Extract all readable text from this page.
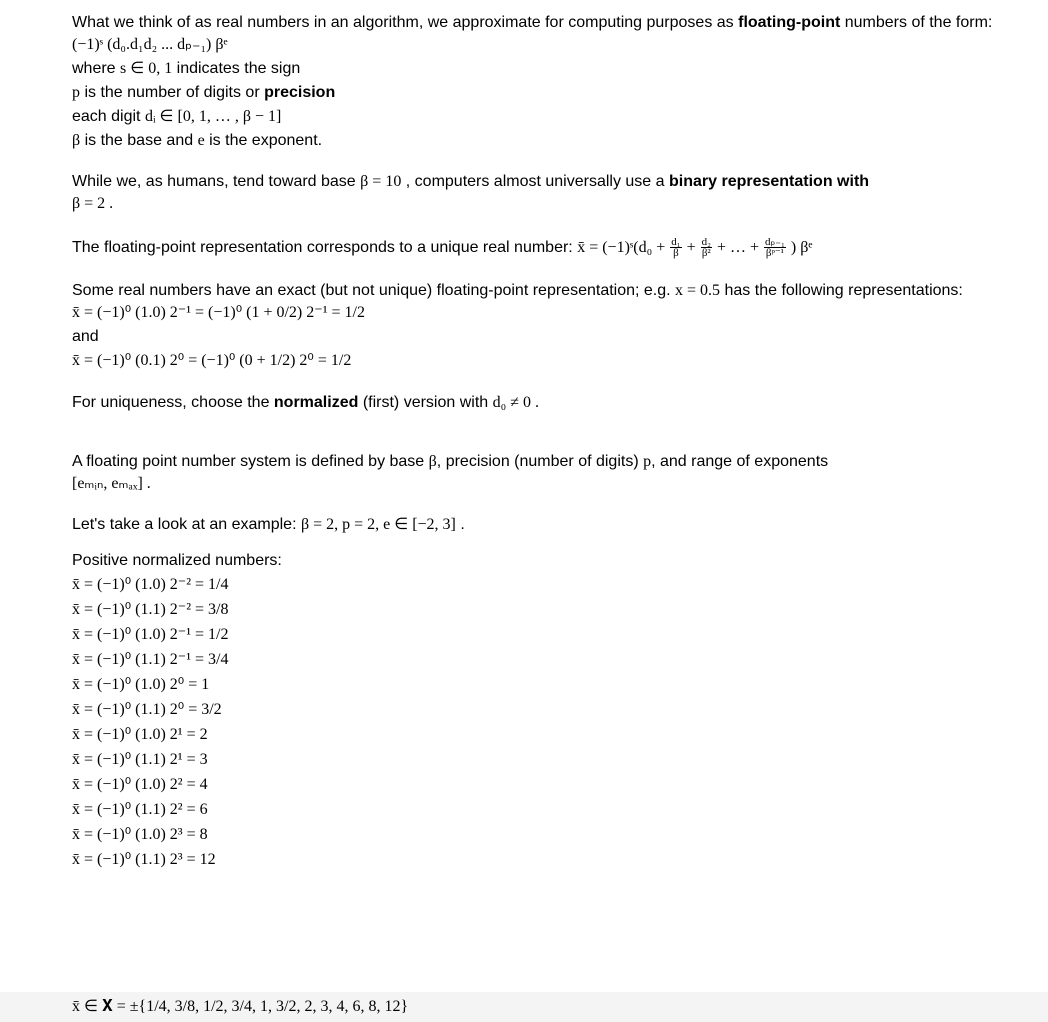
What we think of as real numbers in an algorithm, we approximate for computing purposes as floating-point numbers of the form:

(−1)ˢ (d₀.d₁d₂ ... dₚ₋₁) βᵉ
where s ∈ 0, 1 indicates the sign
p is the number of digits or precision
each digit dᵢ ∈ [0, 1, … , β − 1]
β is the base and e is the exponent.

While we, as humans, tend toward base β = 10 , computers almost universally use a binary representation with
β = 2 .

The floating-point representation corresponds to a unique real number: x̄ = (−1)ˢ(d₀ + $\frac{\text{d₁}}{\beta} + \frac{\text{d₂}}{\text{β²}}$ + … + $\frac{\text{dₚ₋₁}}{\text{βᵖ⁻¹}}$ ) βᵉ

Some real numbers have an exact (but not unique) floating-point representation; e.g. x = 0.5 has the following representations:

x̄ = (−1)⁰ (1.0) 2⁻¹ = (−1)⁰ (1 + 0/2) 2⁻¹ = 1/2
and
x̄ = (−1)⁰ (0.1) 2⁰ = (−1)⁰ (0 + 1/2) 2⁰ = 1/2
For uniqueness, choose the normalized (first) version with d₀ ≠ 0 .

A floating point number system is defined by base β, precision (number of digits) p, and range of exponents
[eₘᵢₙ, eₘₐₓ] .

Let's take a look at an example: β = 2, p = 2, e ∈ [−2, 3] .
Positive normalized numbers:
x̄ = (−1)⁰ (1.0) 2⁻² = 1/4
x̄ = (−1)⁰ (1.1) 2⁻² = 3/8
x̄ = (−1)⁰ (1.0) 2⁻¹ = 1/2
x̄ = (−1)⁰ (1.1) 2⁻¹ = 3/4
x̄ = (−1)⁰ (1.0) 2⁰ = 1
x̄ = (−1)⁰ (1.1) 2⁰ = 3/2
x̄ = (−1)⁰ (1.0) 2¹ = 2
x̄ = (−1)⁰ (1.1) 2¹ = 3
x̄ = (−1)⁰ (1.0) 2² = 4
x̄ = (−1)⁰ (1.1) 2² = 6
x̄ = (−1)⁰ (1.0) 2³ = 8
x̄ = (−1)⁰ (1.1) 2³ = 12
x̄ ∈ 𝐗 = ±{1/4, 3/8, 1/2, 3/4, 1, 3/2, 2, 3, 4, 6, 8, 12}
